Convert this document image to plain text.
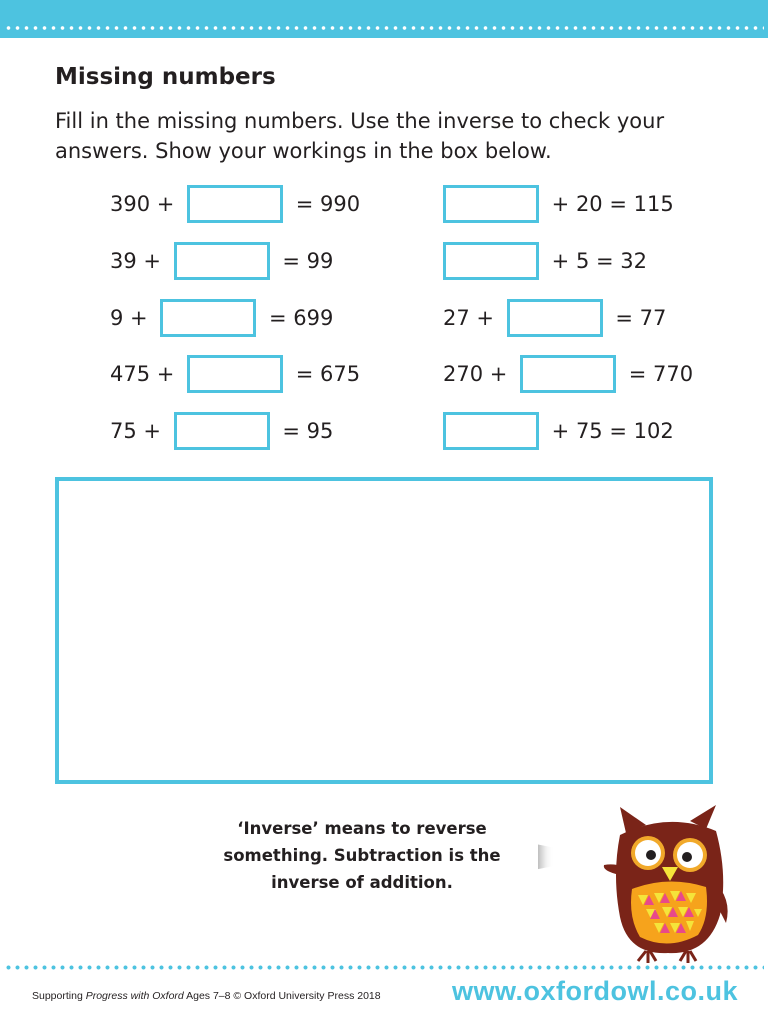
Missing numbers

Fill in the missing numbers. Use the inverse to check your answers. Show your workings in the box below.

390 +	= 990
39 +	= 99
9 +	= 699
475 +	= 675
75 +	= 95
+ 20 = 115
+ 5 = 32
27 +	= 77
270 +	= 770
+ 75 = 102
‘Inverse’ means to reverse something. Subtraction is the inverse of addition.
Supporting Progress with Oxford Ages 7–8 © Oxford University Press 2018	www.oxfordowl.co.uk
